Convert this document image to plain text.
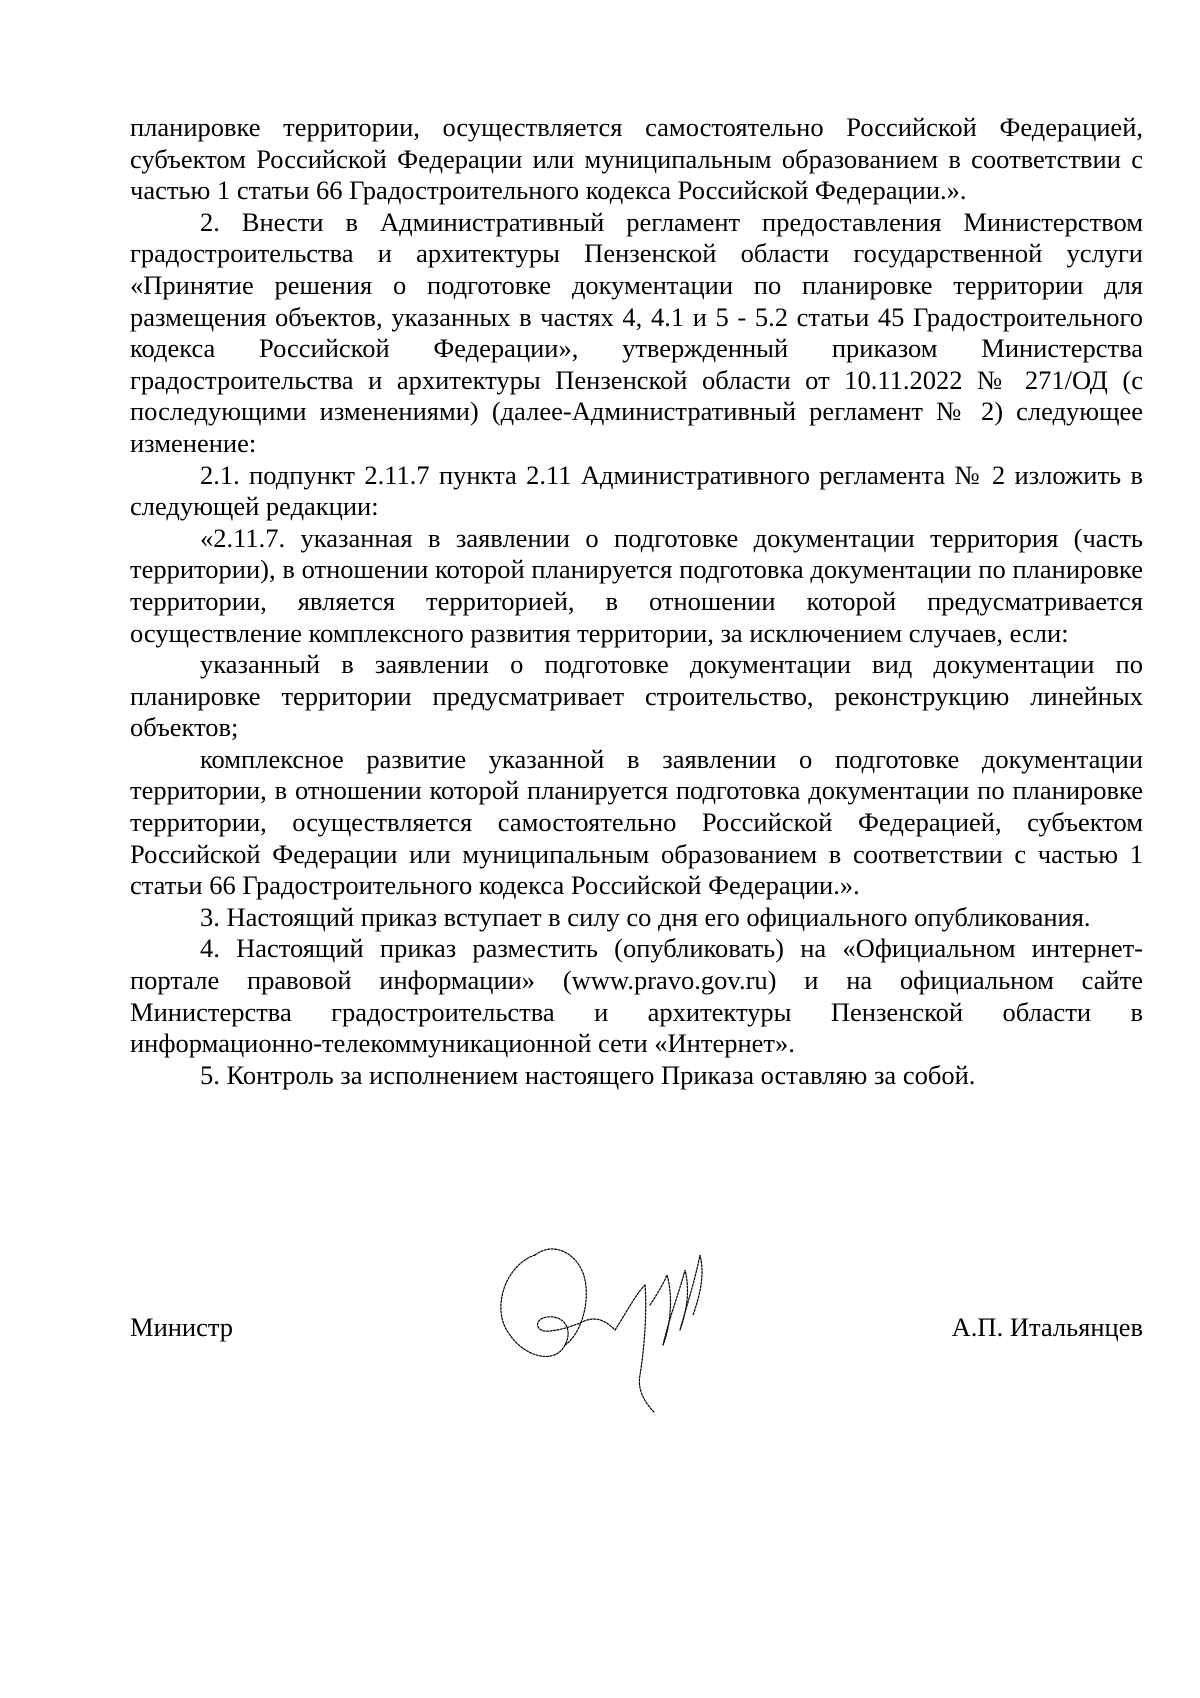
планировке территории, осуществляется самостоятельно Российской Федерацией, субъектом Российской Федерации или муниципальным образованием в соответствии с частью 1 статьи 66 Градостроительного кодекса Российской Федерации.».

2. Внести в Административный регламент предоставления Министерством градостроительства и архитектуры Пензенской области государственной услуги «Принятие решения о подготовке документации по планировке территории для размещения объектов, указанных в частях 4, 4.1 и 5 - 5.2 статьи 45 Градостроительного кодекса Российской Федерации», утвержденный приказом Министерства градостроительства и архитектуры Пензенской области от 10.11.2022 № 271/ОД (с последующими изменениями) (далее-Административный регламент № 2) следующее изменение:

2.1. подпункт 2.11.7 пункта 2.11 Административного регламента № 2 изложить в следующей редакции:

«2.11.7. указанная в заявлении о подготовке документации территория (часть территории), в отношении которой планируется подготовка документации по планировке территории, является территорией, в отношении которой предусматривается осуществление комплексного развития территории, за исключением случаев, если:

указанный в заявлении о подготовке документации вид документации по планировке территории предусматривает строительство, реконструкцию линейных объектов;

комплексное развитие указанной в заявлении о подготовке документации территории, в отношении которой планируется подготовка документации по планировке территории, осуществляется самостоятельно Российской Федерацией, субъектом Российской Федерации или муниципальным образованием в соответствии с частью 1 статьи 66 Градостроительного кодекса Российской Федерации.».

3. Настоящий приказ вступает в силу со дня его официального опубликования.

4. Настоящий приказ разместить (опубликовать) на «Официальном интернет-портале правовой информации» (www.pravo.gov.ru) и на официальном сайте Министерства градостроительства и архитектуры Пензенской области в информационно-телекоммуникационной сети «Интернет».

5. Контроль за исполнением настоящего Приказа оставляю за собой.

Министр	А.П. Итальянцев
